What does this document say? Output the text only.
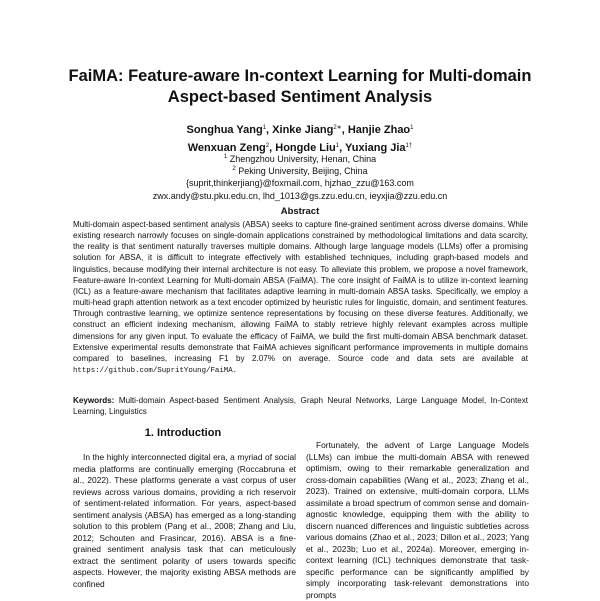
FaiMA: Feature-aware In-context Learning for Multi-domain
Aspect-based Sentiment Analysis
Songhua Yang$^1$, Xinke Jiang$^{2∗}$, Hanjie Zhao$^1$
Wenxuan Zeng$^2$, Hongde Liu$^1$, Yuxiang Jia$^{1\dagger}$
$^1$ Zhengzhou University, Henan, China
$^2$ Peking University, Beijing, China
{suprit,thinkerjiang}@foxmail.com, hjzhao_zzu@163.com
zwx.andy@stu.pku.edu.cn, lhd_1013@gs.zzu.edu.cn, ieyxjia@zzu.edu.cn
Abstract
Multi-domain aspect-based sentiment analysis (ABSA) seeks to capture fine-grained sentiment across diverse domains. While existing research narrowly focuses on single-domain applications constrained by methodological limitations and data scarcity, the reality is that sentiment naturally traverses multiple domains. Although large language models (LLMs) offer a promising solution for ABSA, it is difficult to integrate effectively with established techniques, including graph-based models and linguistics, because modifying their internal architecture is not easy. To alleviate this problem, we propose a novel framework, Feature-aware In-context Learning for Multi-domain ABSA (FaiMA). The core insight of FaiMA is to utilize in-context learning (ICL) as a feature-aware mechanism that facilitates adaptive learning in multi-domain ABSA tasks. Specifically, we employ a multi-head graph attention network as a text encoder optimized by heuristic rules for linguistic, domain, and sentiment features. Through contrastive learning, we optimize sentence representations by focusing on these diverse features. Additionally, we construct an efficient indexing mechanism, allowing FaiMA to stably retrieve highly relevant examples across multiple dimensions for any given input. To evaluate the efficacy of FaiMA, we build the first multi-domain ABSA benchmark dataset. Extensive experimental results demonstrate that FaiMA achieves significant performance improvements in multiple domains compared to baselines, increasing F1 by 2.07% on average. Source code and data sets are available at https://github.com/SupritYoung/FaiMA.
Keywords: Multi-domain Aspect-based Sentiment Analysis, Graph Neural Networks, Large Language Model, In-Context Learning, Linguistics
1. Introduction

In the highly interconnected digital era, a myriad of social media platforms are continually emerging (Roccabruna et al., 2022). These platforms generate a vast corpus of user reviews across various domains, providing a rich reservoir of sentiment-related information. For years, aspect-based sentiment analysis (ABSA) has emerged as a long-standing solution to this problem (Pang et al., 2008; Zhang and Liu, 2012; Schouten and Frasincar, 2016). ABSA is a fine-grained sentiment analysis task that can meticulously extract the sentiment polarity of users towards specific aspects. However, the majority existing ABSA methods are confined

Fortunately, the advent of Large Language Models (LLMs) can imbue the multi-domain ABSA with renewed optimism, owing to their remarkable generalization and cross-domain capabilities (Wang et al., 2023; Zhang et al., 2023). Trained on extensive, multi-domain corpora, LLMs assimilate a broad spectrum of common sense and domain-agnostic knowledge, equipping them with the ability to discern nuanced differences and linguistic subtleties across various domains (Zhao et al., 2023; Dillon et al., 2023; Yang et al., 2023b; Luo et al., 2024a). Moreover, emerging in-context learning (ICL) techniques demonstrate that task-specific performance can be significantly amplified by simply incorporating task-relevant demonstrations into prompts
